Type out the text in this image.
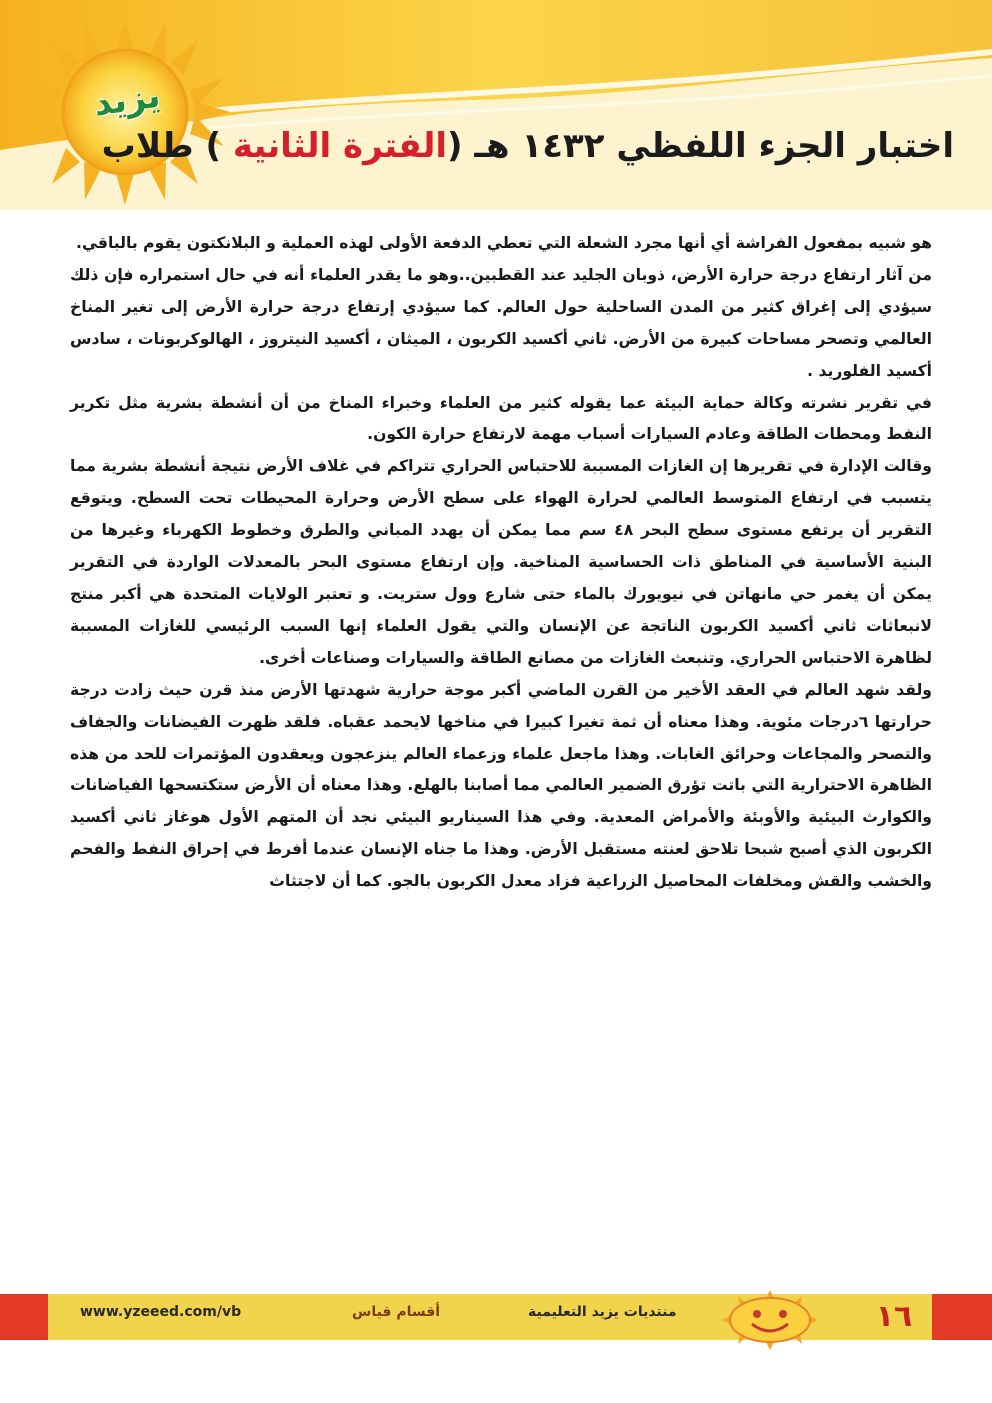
يزيد
اختبار الجزء اللفظي ١٤٣٢ هـ (الفترة الثانية ) طلاب

هو شبيه بمفعول الفراشة أي أنها مجرد الشعلة التي تعطي الدفعة الأولى لهذه العملية و البلانكتون يقوم بالباقي.

من آثار ارتفاع درجة حرارة الأرض، ذوبان الجليد عند القطبين..وهو ما يقدر العلماء أنه في حال استمراره فإن ذلك سيؤدي إلى إغراق كثير من المدن الساحلية حول العالم. كما سيؤدي إرتفاع درجة حرارة الأرض إلى تغير المناخ العالمي وتصحر مساحات كبيرة من الأرض. ثاني أكسيد الكربون ، الميثان ، أكسيد النيتروز ، الهالوكربونات ، سادس أكسيد الفلوريد .

في تقرير نشرته وكالة حماية البيئة عما يقوله كثير من العلماء وخبراء المناخ من أن أنشطة بشرية مثل تكرير النفط ومحطات الطاقة وعادم السيارات أسباب مهمة لارتفاع حرارة الكون.

وقالت الإدارة في تقريرها إن الغازات المسببة للاحتباس الحراري تتراكم في غلاف الأرض نتيجة أنشطة بشرية مما يتسبب في ارتفاع المتوسط العالمي لحرارة الهواء على سطح الأرض وحرارة المحيطات تحت السطح. ويتوقع التقرير أن يرتفع مستوى سطح البحر ٤٨ سم مما يمكن أن يهدد المباني والطرق وخطوط الكهرباء وغيرها من البنية الأساسية في المناطق ذات الحساسية المناخية. وإن ارتفاع مستوى البحر بالمعدلات الواردة في التقرير يمكن أن يغمر حي مانهاتن في نيويورك بالماء حتى شارع وول ستريت. و تعتبر الولايات المتحدة هي أكبر منتج لانبعاثات ثاني أكسيد الكربون الناتجة عن الإنسان والتي يقول العلماء إنها السبب الرئيسي للغازات المسببة لظاهرة الاحتباس الحراري. وتنبعث الغازات من مصانع الطاقة والسيارات وصناعات أخرى.

ولقد شهد العالم في العقد الأخير من القرن الماضي أكبر موجة حرارية شهدتها الأرض منذ قرن حيث زادت درجة حرارتها ٦درجات مئوية. وهذا معناه أن ثمة تغيرا كبيرا في مناخها لايحمد عقباه. فلقد ظهرت الفيضانات والجفاف والتصحر والمجاعات وحرائق الغابات. وهذا ماجعل علماء وزعماء العالم ينزعجون ويعقدون المؤتمرات للحد من هذه الظاهرة الاحترارية التي باتت تؤرق الضمير العالمي مما أصابنا بالهلع. وهذا معناه أن الأرض ستكتسحها الفياضانات والكوارث البيئية والأوبئة والأمراض المعدية. وفي هذا السيناريو البيئي نجد أن المتهم الأول هوغاز ثاني أكسيد الكربون الذي أصبح شبحا تلاحق لعنته مستقبل الأرض. وهذا ما جناه الإنسان عندما أفرط في إحراق النفط والفحم والخشب والقش ومخلفات المحاصيل الزراعية فزاد معدل الكربون بالجو. كما أن لاجتثاث

www.yzeeed.com/vb	أقسام قياس	منتديات يزيد التعليمية	١٦
